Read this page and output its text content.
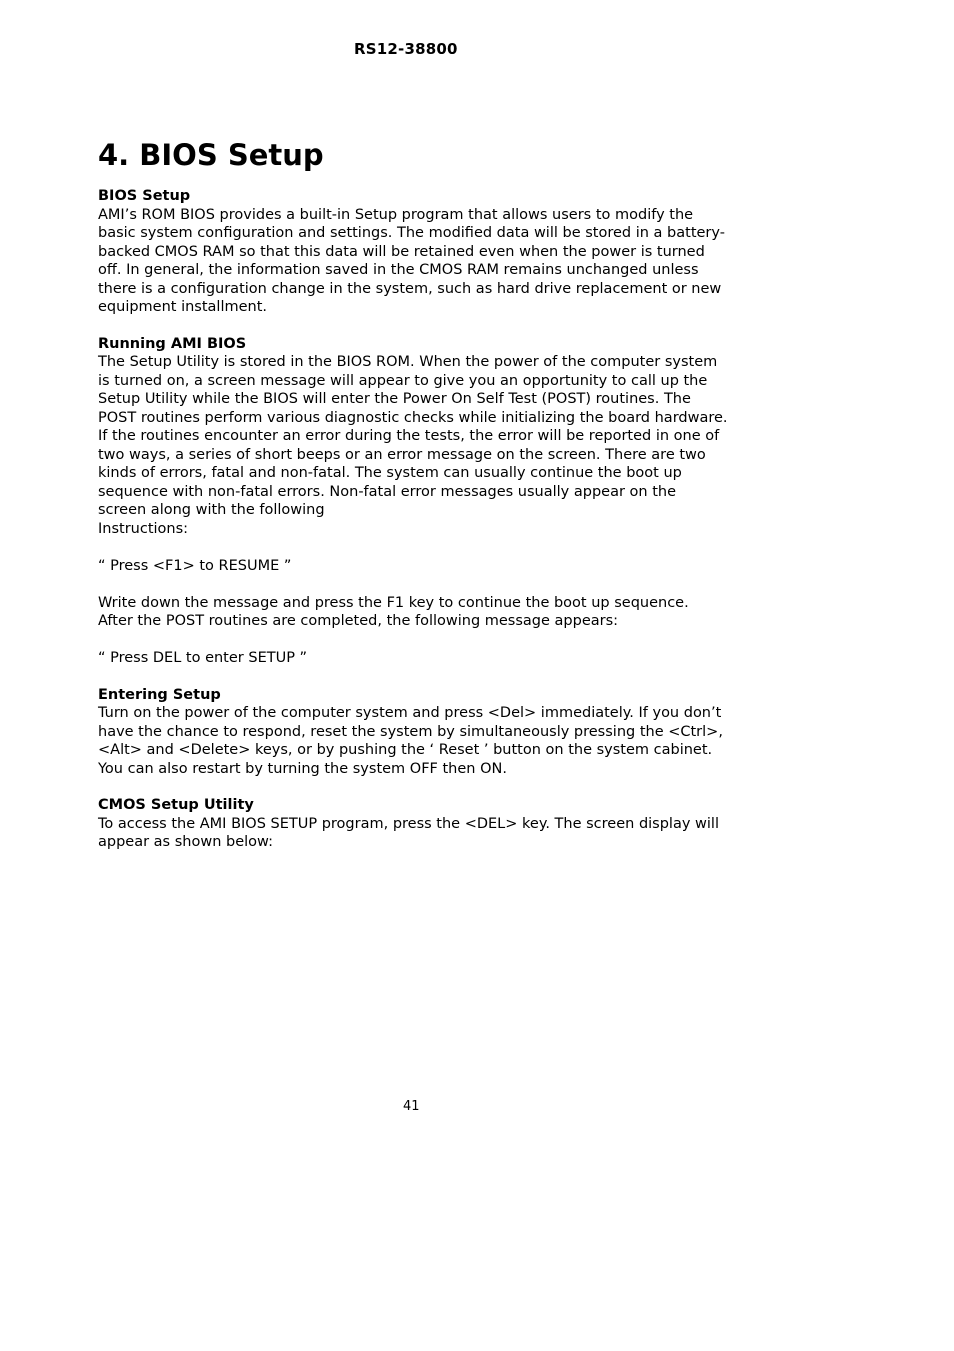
RS12-38800
4. BIOS Setup
BIOS Setup
AMI’s ROM BIOS provides a built-in Setup program that allows users to modify the basic system configuration and settings. The modified data will be stored in a battery-backed CMOS RAM so that this data will be retained even when the power is turned off. In general, the information saved in the CMOS RAM remains unchanged unless there is a configuration change in the system, such as hard drive replacement or new equipment installment.
Running AMI BIOS
The Setup Utility is stored in the BIOS ROM. When the power of the computer system is turned on, a screen message will appear to give you an opportunity to call up the Setup Utility while the BIOS will enter the Power On Self Test (POST) routines. The POST routines perform various diagnostic checks while initializing the board hardware. If the routines encounter an error during the tests, the error will be reported in one of two ways, a series of short beeps or an error message on the screen. There are two kinds of errors, fatal and non-fatal. The system can usually continue the boot up sequence with non-fatal errors. Non-fatal error messages usually appear on the screen along with the following
Instructions:
“ Press <F1> to RESUME ”
Write down the message and press the F1 key to continue the boot up sequence. After the POST routines are completed, the following message appears:
“ Press DEL to enter SETUP ”
Entering Setup
Turn on the power of the computer system and press <Del> immediately. If you don’t have the chance to respond, reset the system by simultaneously pressing the <Ctrl>, <Alt> and <Delete> keys, or by pushing the ‘ Reset ’ button on the system cabinet. You can also restart by turning the system OFF then ON.
CMOS Setup Utility
To access the AMI BIOS SETUP program, press the <DEL> key. The screen display will appear as shown below:
41
